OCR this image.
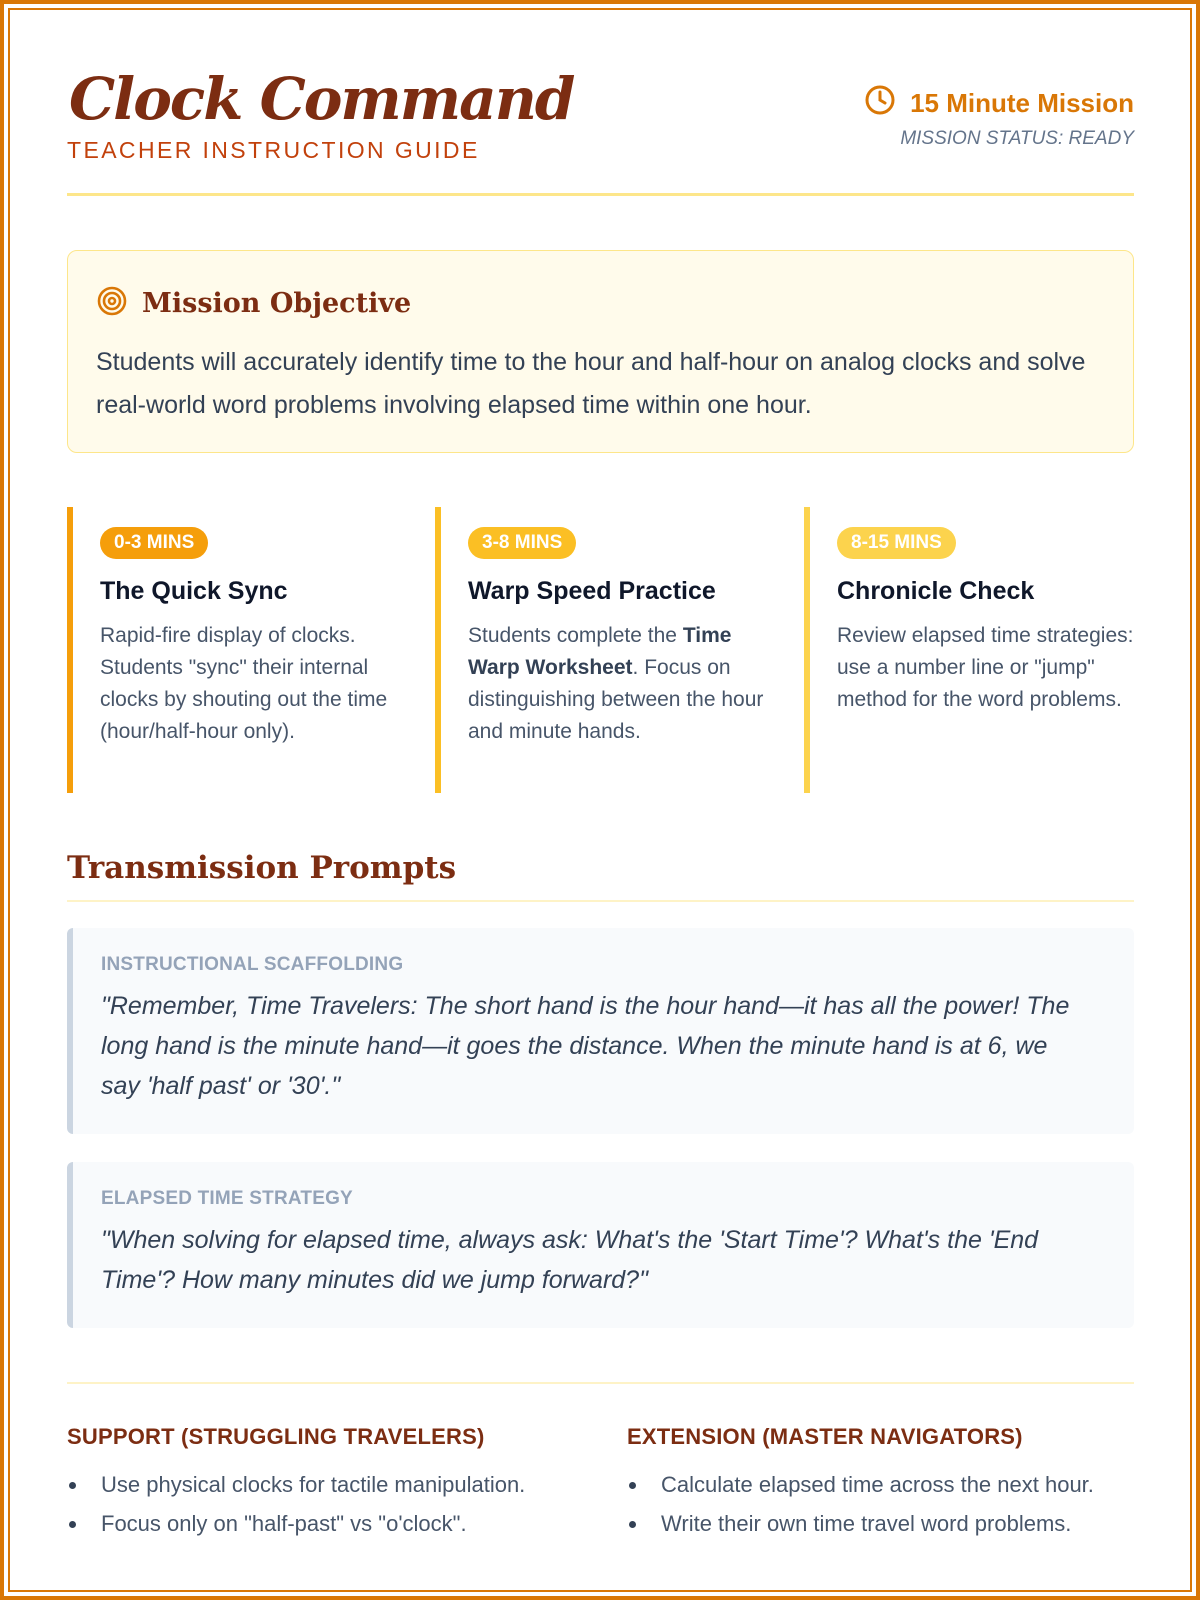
Clock Command
TEACHER INSTRUCTION GUIDE
15 Minute Mission
MISSION STATUS: READY
Mission Objective
Students will accurately identify time to the hour and half-hour on analog clocks and solve real-world word problems involving elapsed time within one hour.
0-3 MINS
The Quick Sync
Rapid-fire display of clocks. Students "sync" their internal clocks by shouting out the time (hour/half-hour only).
3-8 MINS
Warp Speed Practice
Students complete the Time Warp Worksheet. Focus on distinguishing between the hour and minute hands.
8-15 MINS
Chronicle Check
Review elapsed time strategies: use a number line or "jump" method for the word problems.
Transmission Prompts
INSTRUCTIONAL SCAFFOLDING
"Remember, Time Travelers: The short hand is the hour hand—it has all the power! The long hand is the minute hand—it goes the distance. When the minute hand is at 6, we say 'half past' or '30'."
ELAPSED TIME STRATEGY
"When solving for elapsed time, always ask: What's the 'Start Time'? What's the 'End Time'? How many minutes did we jump forward?"
SUPPORT (STRUGGLING TRAVELERS)
Use physical clocks for tactile manipulation.
Focus only on "half-past" vs "o'clock".
EXTENSION (MASTER NAVIGATORS)
Calculate elapsed time across the next hour.
Write their own time travel word problems.
